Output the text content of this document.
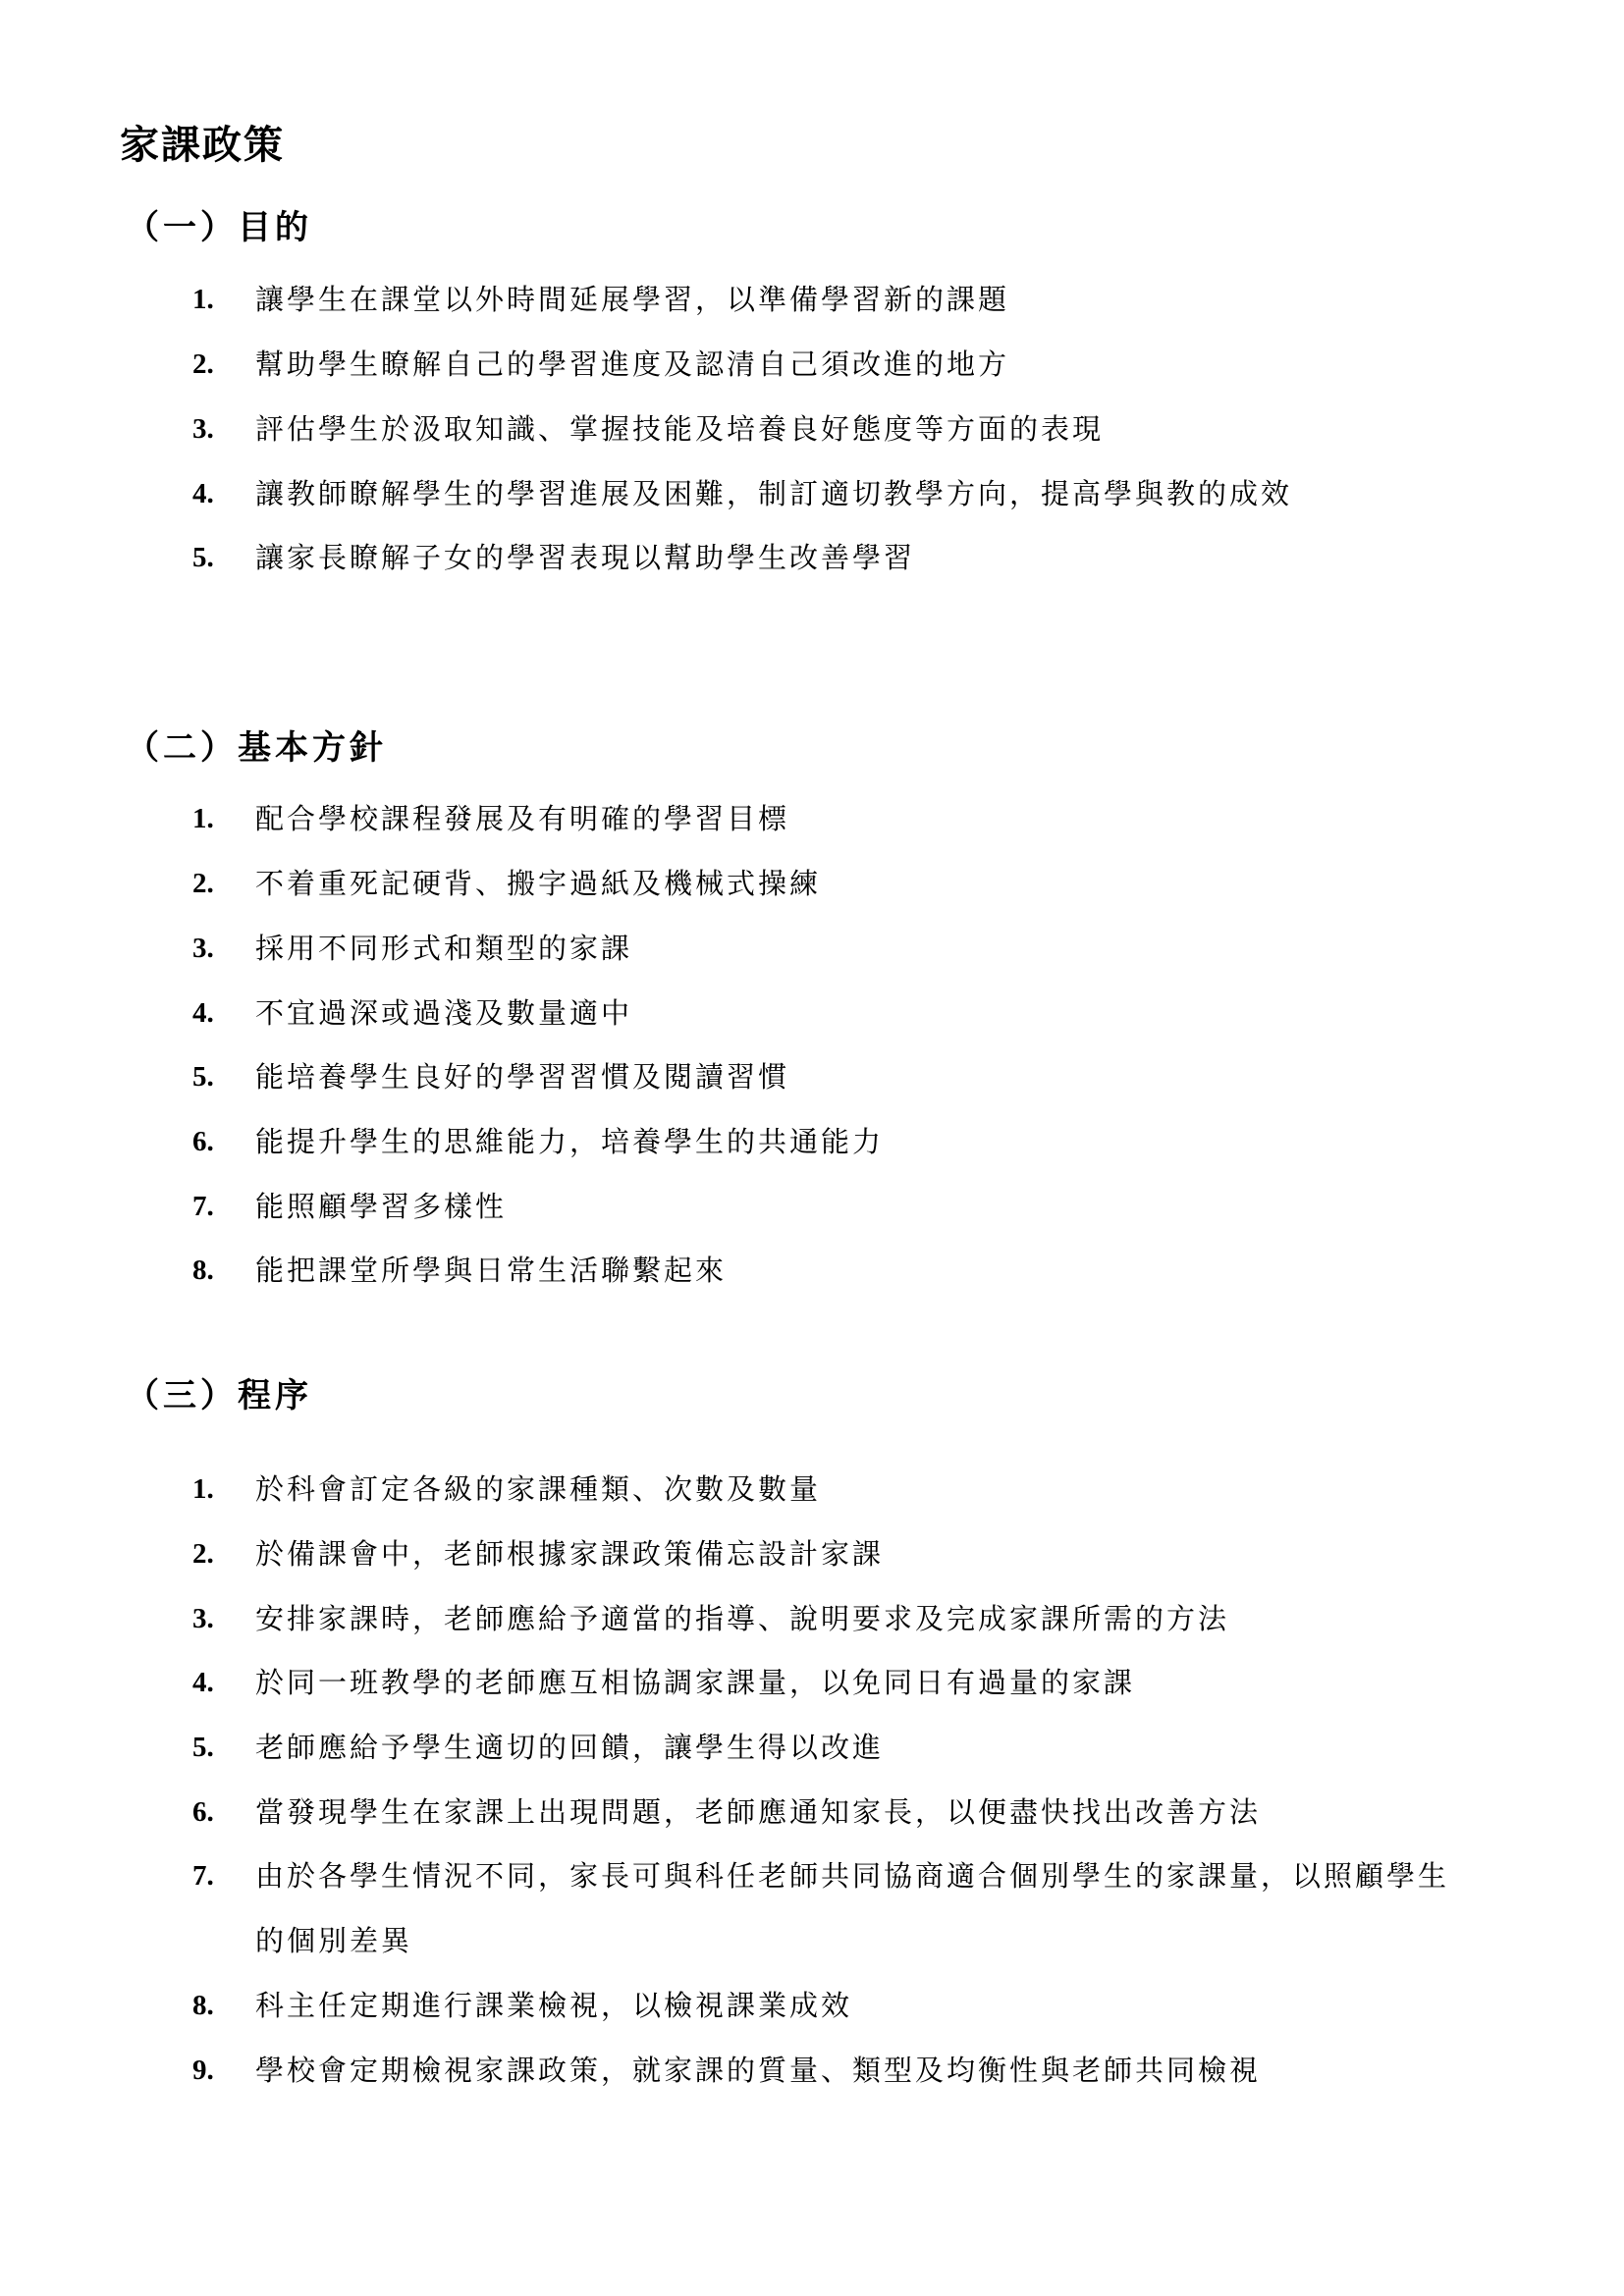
家課政策
（一）目的
1. 讓學生在課堂以外時間延展學習，以準備學習新的課題
2. 幫助學生瞭解自己的學習進度及認清自己須改進的地方
3. 評估學生於汲取知識、掌握技能及培養良好態度等方面的表現
4. 讓教師瞭解學生的學習進展及困難，制訂適切教學方向，提高學與教的成效
5. 讓家長瞭解子女的學習表現以幫助學生改善學習
（二）基本方針
1. 配合學校課程發展及有明確的學習目標
2. 不着重死記硬背、搬字過紙及機械式操練
3. 採用不同形式和類型的家課
4. 不宜過深或過淺及數量適中
5. 能培養學生良好的學習習慣及閱讀習慣
6. 能提升學生的思維能力，培養學生的共通能力
7. 能照顧學習多樣性
8. 能把課堂所學與日常生活聯繫起來
（三）程序
1. 於科會訂定各級的家課種類、次數及數量
2. 於備課會中，老師根據家課政策備忘設計家課
3. 安排家課時，老師應給予適當的指導、說明要求及完成家課所需的方法
4. 於同一班教學的老師應互相協調家課量，以免同日有過量的家課
5. 老師應給予學生適切的回饋，讓學生得以改進
6. 當發現學生在家課上出現問題，老師應通知家長，以便盡快找出改善方法
7. 由於各學生情況不同，家長可與科任老師共同協商適合個別學生的家課量，以照顧學生的個別差異
8. 科主任定期進行課業檢視，以檢視課業成效
9. 學校會定期檢視家課政策，就家課的質量、類型及均衡性與老師共同檢視
